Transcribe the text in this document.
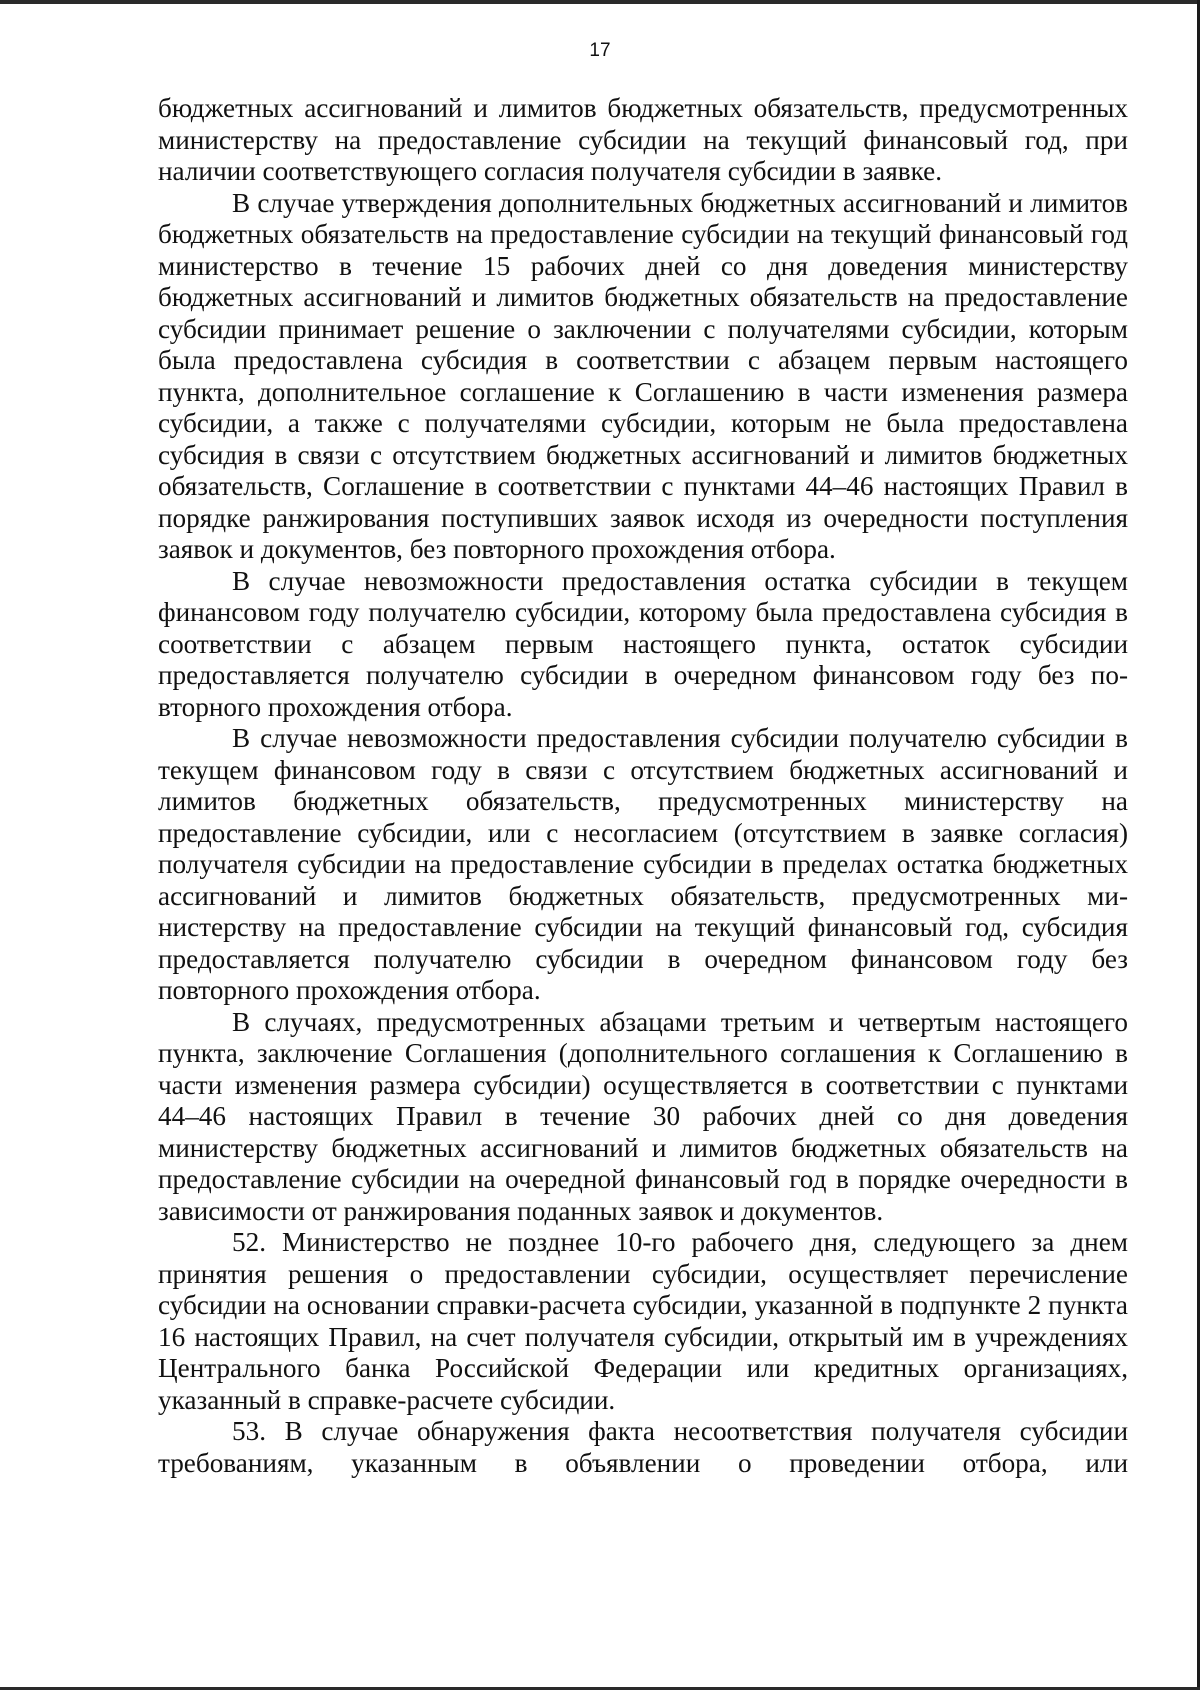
17

бюджетных ассигнований и лимитов бюджетных обязательств, предусмотренных министерству на предоставление субсидии на текущий финансовый год, при наличии соответствующего согласия получателя субсидии в заявке.

В случае утверждения дополнительных бюджетных ассигнований и лимитов бюджетных обязательств на предоставление субсидии на текущий финансовый год министерство в течение 15 рабочих дней со дня доведения министерству бюджетных ассигнований и лимитов бюджетных обязательств на предоставление субсидии принимает решение о заключении с получателями субсидии, которым была предоставлена субсидия в соответствии с абзацем первым настоящего пункта, дополнительное соглашение к Соглашению в части изменения размера субсидии, а также с получателями субсидии, которым не была предоставлена субсидия в связи с отсутствием бюджетных ассигнований и лимитов бюджетных обязательств, Соглашение в соответствии с пунктами 44–46 настоящих Правил в порядке ранжирования поступивших заявок исходя из очередности поступления заявок и документов, без повторного прохождения отбора.

В случае невозможности предоставления остатка субсидии в текущем финансовом году получателю субсидии, которому была предоставлена субсидия в соответствии с абзацем первым настоящего пункта, остаток субсидии предоставляется получателю субсидии в очередном финансовом году без повторного прохождения отбора.

В случае невозможности предоставления субсидии получателю субсидии в текущем финансовом году в связи с отсутствием бюджетных ассигнований и лимитов бюджетных обязательств, предусмотренных министерству на предоставление субсидии, или с несогласием (отсутствием в заявке согласия) получателя субсидии на предоставление субсидии в пределах остатка бюджетных ассигнований и лимитов бюджетных обязательств, предусмотренных министерству на предоставление субсидии на текущий финансовый год, субсидия предоставляется получателю субсидии в очередном финансовом году без повторного прохождения отбора.

В случаях, предусмотренных абзацами третьим и четвертым настоящего пункта, заключение Соглашения (дополнительного соглашения к Соглашению в части изменения размера субсидии) осуществляется в соответствии с пунктами 44–46 настоящих Правил в течение 30 рабочих дней со дня доведения министерству бюджетных ассигнований и лимитов бюджетных обязательств на предоставление субсидии на очередной финансовый год в порядке очередности в зависимости от ранжирования поданных заявок и документов.

52. Министерство не позднее 10-го рабочего дня, следующего за днем принятия решения о предоставлении субсидии, осуществляет перечисление субсидии на основании справки-расчета субсидии, указанной в подпункте 2 пункта 16 настоящих Правил, на счет получателя субсидии, открытый им в учреждениях Центрального банка Российской Федерации или кредитных организациях, указанный в справке-расчете субсидии.

53. В случае обнаружения факта несоответствия получателя субсидии требованиям, указанным в объявлении о проведении отбора, или
